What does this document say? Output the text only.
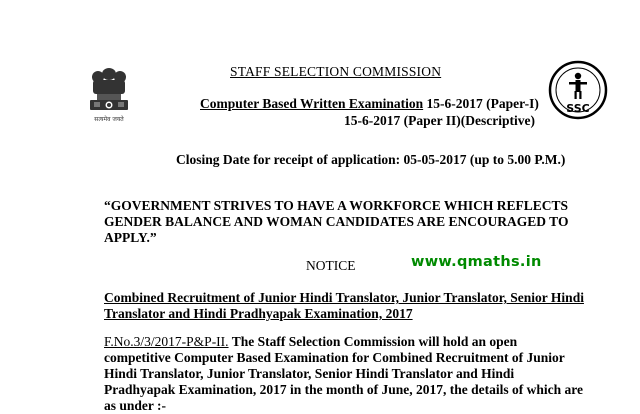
सत्यमेव जयते
SSC
STAFF SELECTION COMMISSION
Computer Based Written Examination 15-6-2017 (Paper-I)
15-6-2017 (Paper II)(Descriptive)
Closing Date for receipt of application: 05-05-2017 (up to 5.00 P.M.)
“GOVERNMENT STRIVES TO HAVE A WORKFORCE WHICH REFLECTS GENDER BALANCE AND WOMAN CANDIDATES ARE ENCOURAGED TO APPLY.”
NOTICE	www.qmaths.in
Combined Recruitment of Junior Hindi Translator, Junior Translator, Senior Hindi Translator and Hindi Pradhyapak Examination, 2017
F.No.3/3/2017-P&P-II. The Staff Selection Commission will hold an open competitive Computer Based Examination for Combined Recruitment of Junior Hindi Translator, Junior Translator, Senior Hindi Translator and Hindi Pradhyapak Examination, 2017 in the month of June, 2017, the details of which are as under :-
